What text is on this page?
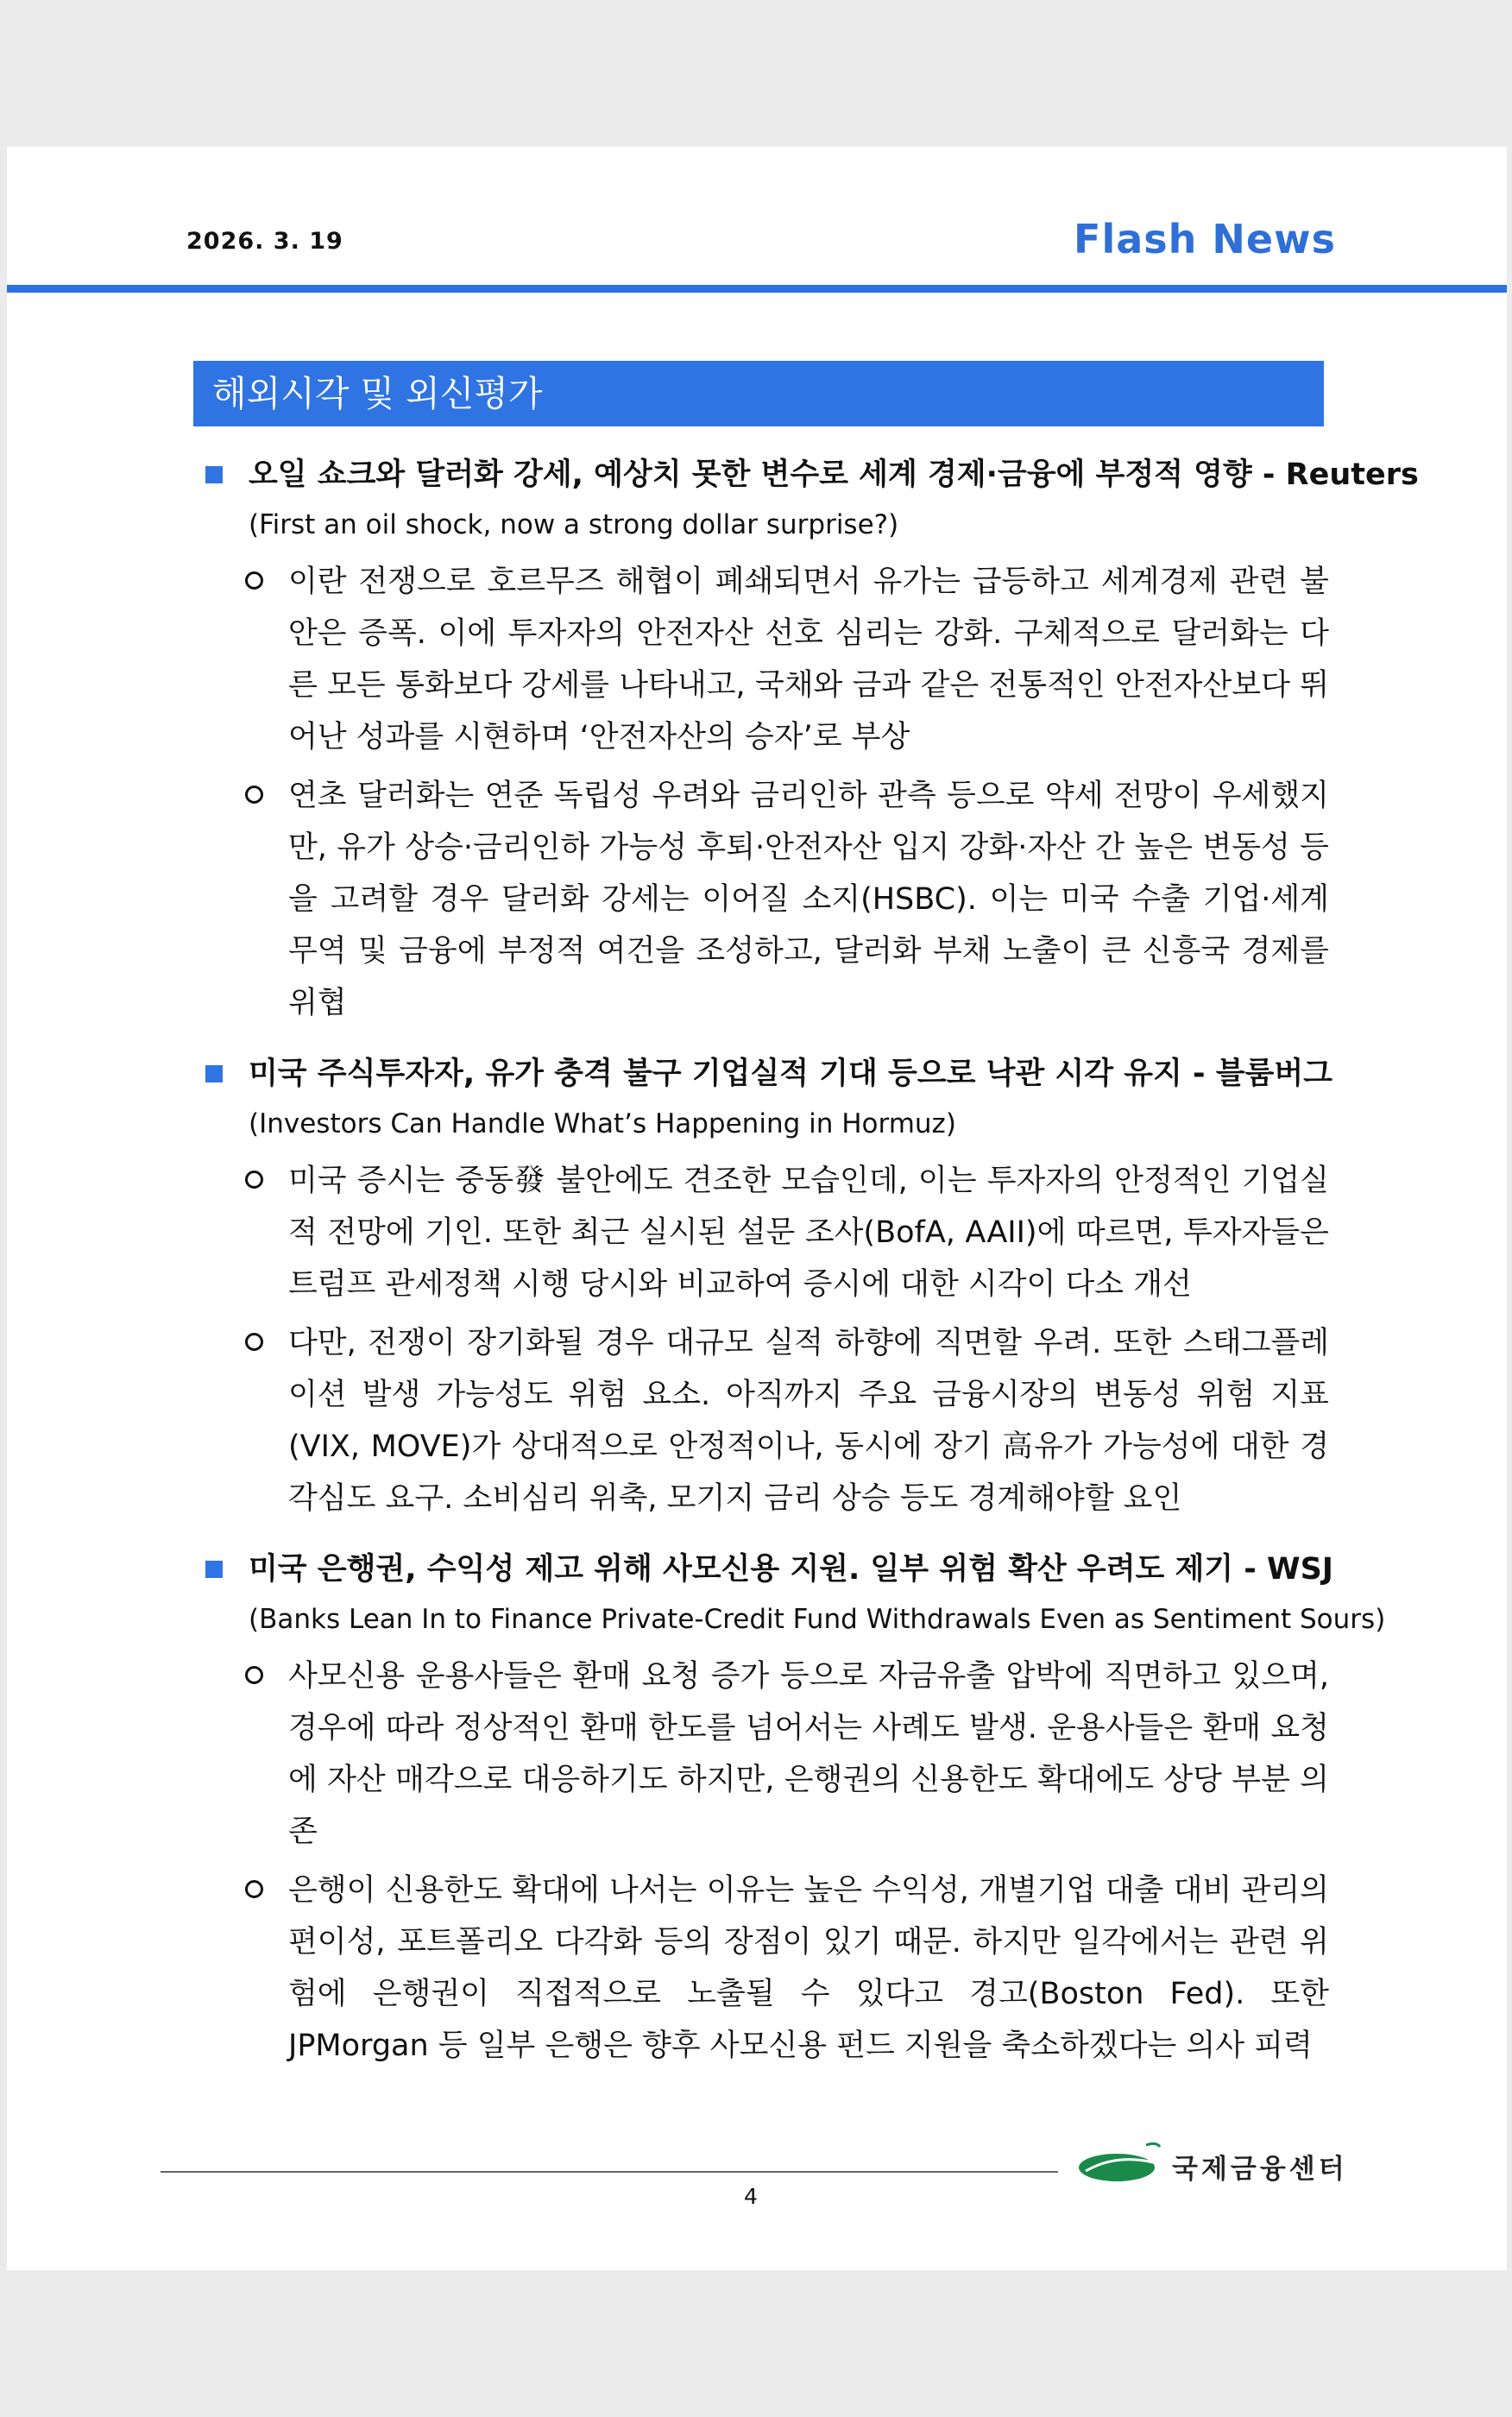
2026. 3. 19	Flash News
해외시각 및 외신평가
오일 쇼크와 달러화 강세, 예상치 못한 변수로 세계 경제·금융에 부정적 영향 - Reuters
(First an oil shock, now a strong dollar surprise?)
이란 전쟁으로 호르무즈 해협이 폐쇄되면서 유가는 급등하고 세계경제 관련 불안은 증폭. 이에 투자자의 안전자산 선호 심리는 강화. 구체적으로 달러화는 다른 모든 통화보다 강세를 나타내고, 국채와 금과 같은 전통적인 안전자산보다 뛰어난 성과를 시현하며 ‘안전자산의 승자’로 부상
연초 달러화는 연준 독립성 우려와 금리인하 관측 등으로 약세 전망이 우세했지만, 유가 상승·금리인하 가능성 후퇴·안전자산 입지 강화·자산 간 높은 변동성 등을 고려할 경우 달러화 강세는 이어질 소지(HSBC). 이는 미국 수출 기업·세계 무역 및 금융에 부정적 여건을 조성하고, 달러화 부채 노출이 큰 신흥국 경제를 위협
미국 주식투자자, 유가 충격 불구 기업실적 기대 등으로 낙관 시각 유지 - 블룸버그
(Investors Can Handle What’s Happening in Hormuz)
미국 증시는 중동發 불안에도 견조한 모습인데, 이는 투자자의 안정적인 기업실적 전망에 기인. 또한 최근 실시된 설문 조사(BofA, AAII)에 따르면, 투자자들은 트럼프 관세정책 시행 당시와 비교하여 증시에 대한 시각이 다소 개선
다만, 전쟁이 장기화될 경우 대규모 실적 하향에 직면할 우려. 또한 스태그플레이션 발생 가능성도 위험 요소. 아직까지 주요 금융시장의 변동성 위험 지표(VIX, MOVE)가 상대적으로 안정적이나, 동시에 장기 高유가 가능성에 대한 경각심도 요구. 소비심리 위축, 모기지 금리 상승 등도 경계해야할 요인
미국 은행권, 수익성 제고 위해 사모신용 지원. 일부 위험 확산 우려도 제기 - WSJ
(Banks Lean In to Finance Private-Credit Fund Withdrawals Even as Sentiment Sours)
사모신용 운용사들은 환매 요청 증가 등으로 자금유출 압박에 직면하고 있으며, 경우에 따라 정상적인 환매 한도를 넘어서는 사례도 발생. 운용사들은 환매 요청에 자산 매각으로 대응하기도 하지만, 은행권의 신용한도 확대에도 상당 부분 의존
은행이 신용한도 확대에 나서는 이유는 높은 수익성, 개별기업 대출 대비 관리의 편이성, 포트폴리오 다각화 등의 장점이 있기 때문. 하지만 일각에서는 관련 위험에 은행권이 직접적으로 노출될 수 있다고 경고(Boston Fed). 또한 JPMorgan 등 일부 은행은 향후 사모신용 펀드 지원을 축소하겠다는 의사 피력
4
국제금융센터
